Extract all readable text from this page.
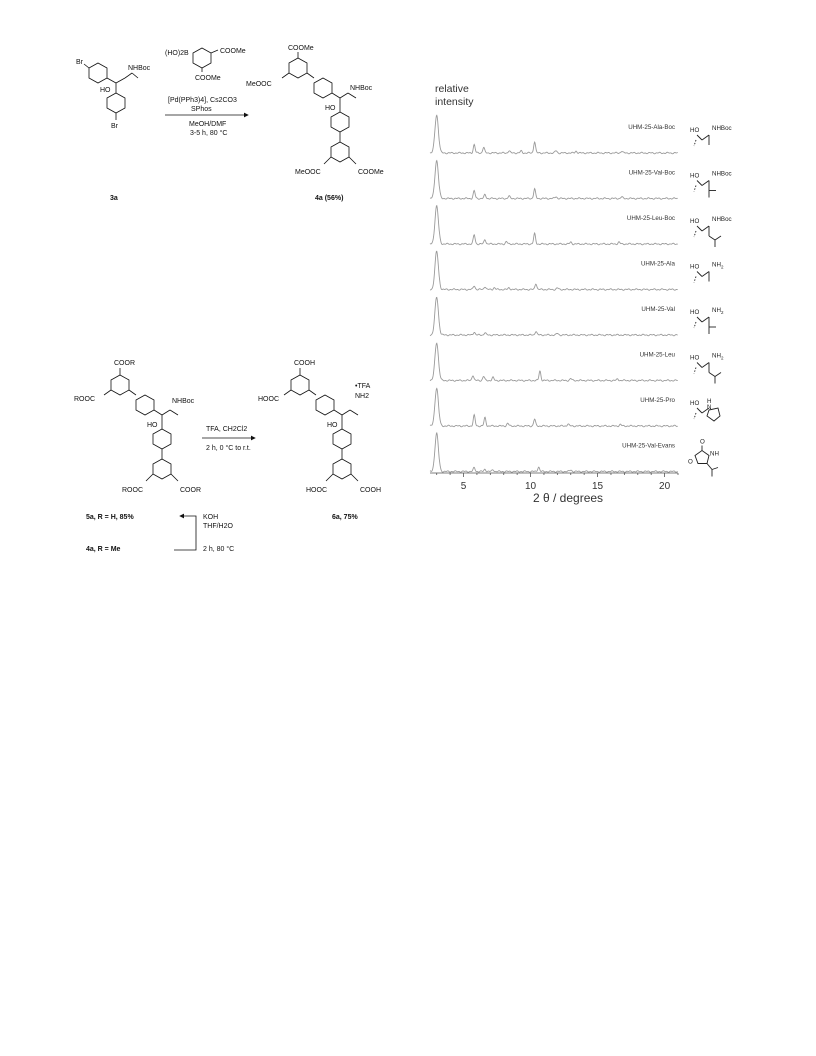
Br
NHBoc
HO
Br
3a
(HO)2B	COOMe
COOMe
[Pd(PPh3)4], Cs2CO3
SPhos
MeOH/DMF
3-5 h, 80 °C
COOMe
MeOOC
NHBoc
HO
MeOOC	COOMe
4a (56%)
COOR
ROOC	NHBoc
HO
ROOC	COOR
TFA, CH2Cl2
2 h, 0 °C to r.t.
COOH
HOOC
•TFA
NH2
HO
HOOC	COOH
6a, 75%
5a, R = H, 85%
4a, R = Me
KOH
THF/H2O
2 h, 80 °C
relative
intensity
UHM-25-Ala-Boc
UHM-25-Val-Boc
UHM-25-Leu-Boc
UHM-25-Ala
UHM-25-Val
UHM-25-Leu
UHM-25-Pro
UHM-25-Val-Evans
HO NHBoc
HO NHBoc
HO NHBoc
HO $NH_2$
HO $NH_2$
HO $NH_2$
HO H
N
O
NH
O
5	10	15	20
2 θ / degrees
